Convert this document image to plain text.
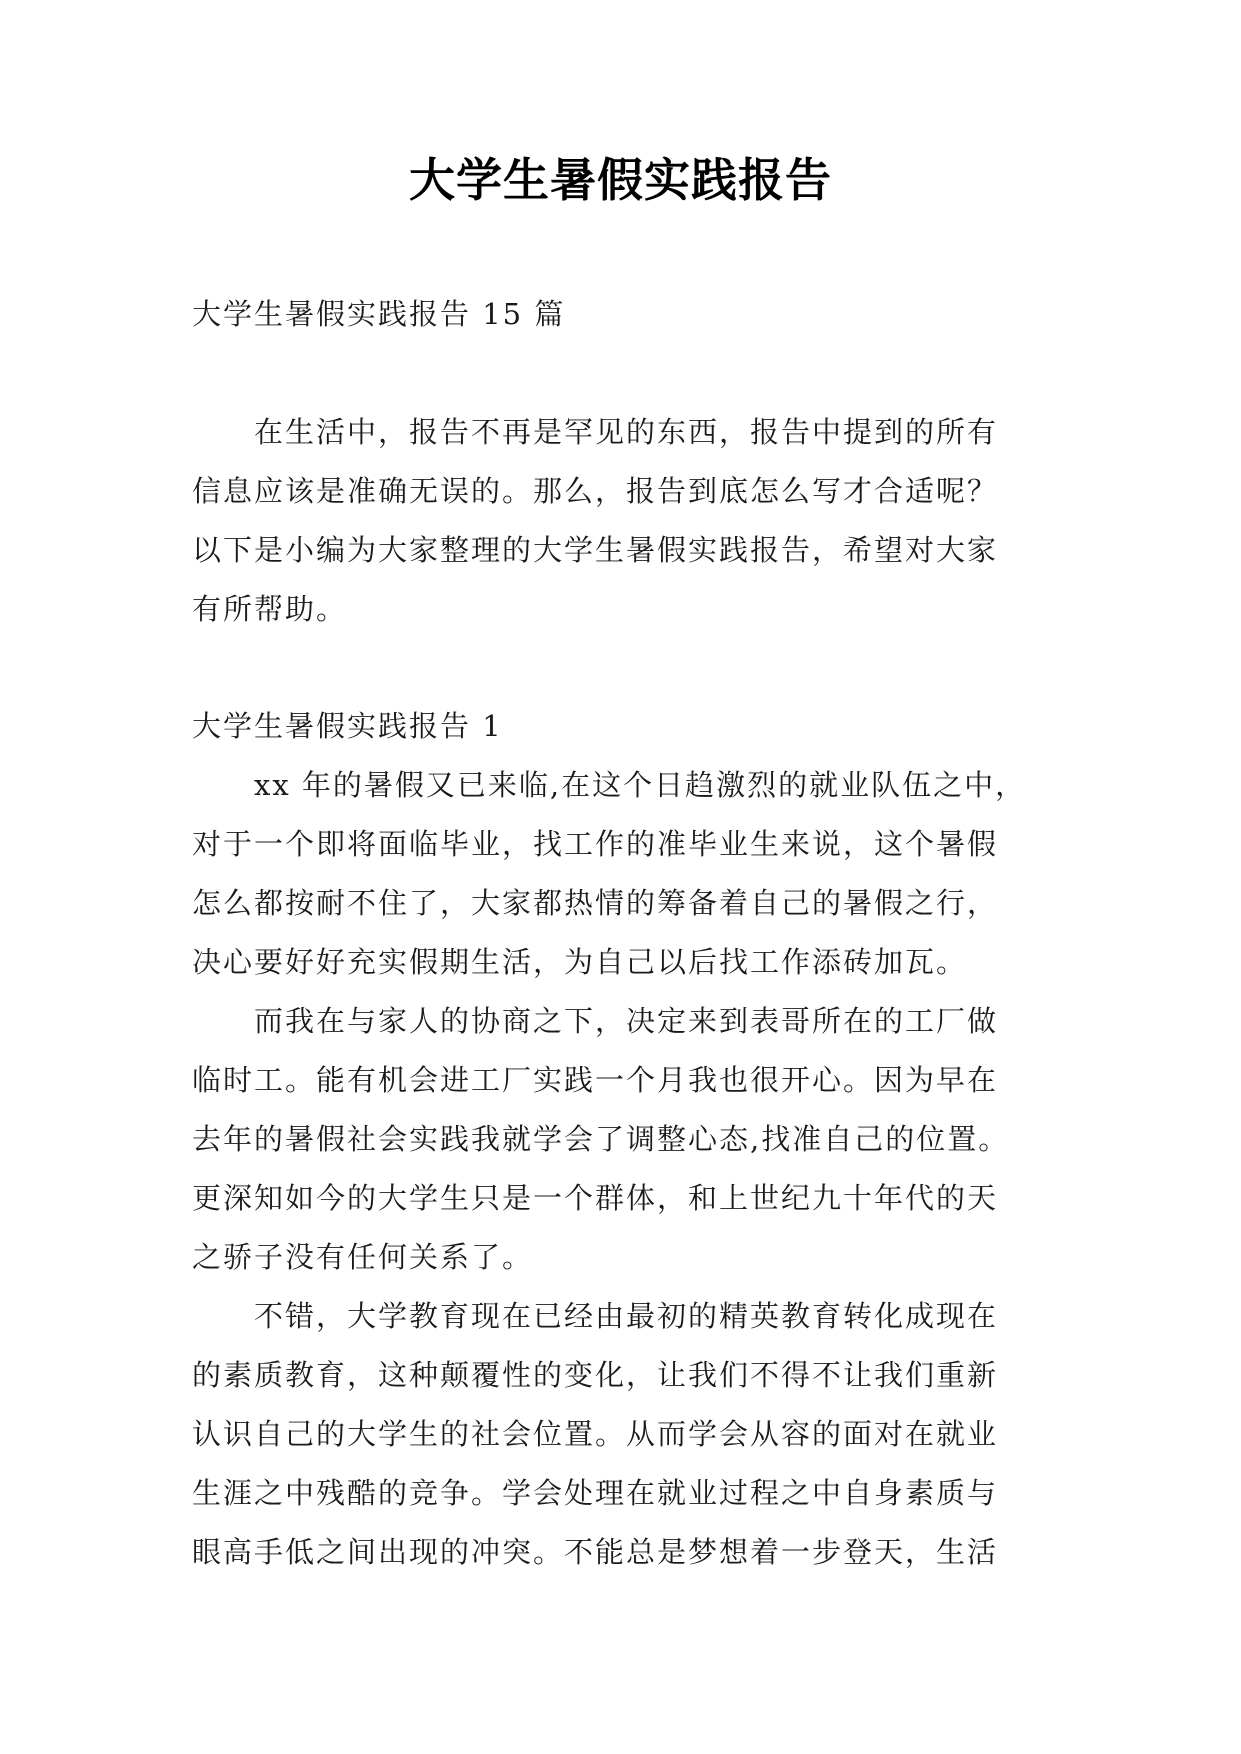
大学生暑假实践报告

大学生暑假实践报告 15 篇

　　在生活中，报告不再是罕见的东西，报告中提到的所有
信息应该是准确无误的。那么，报告到底怎么写才合适呢？
以下是小编为大家整理的大学生暑假实践报告，希望对大家
有所帮助。
大学生暑假实践报告 1
　　xx 年的暑假又已来临,在这个日趋激烈的就业队伍之中，
对于一个即将面临毕业，找工作的准毕业生来说，这个暑假
怎么都按耐不住了，大家都热情的筹备着自己的暑假之行，
决心要好好充实假期生活，为自己以后找工作添砖加瓦。
　　而我在与家人的协商之下，决定来到表哥所在的工厂做
临时工。能有机会进工厂实践一个月我也很开心。因为早在
去年的暑假社会实践我就学会了调整心态,找准自己的位置。
更深知如今的大学生只是一个群体，和上世纪九十年代的天
之骄子没有任何关系了。
　　不错，大学教育现在已经由最初的精英教育转化成现在
的素质教育，这种颠覆性的变化，让我们不得不让我们重新
认识自己的大学生的社会位置。从而学会从容的面对在就业
生涯之中残酷的竞争。学会处理在就业过程之中自身素质与
眼高手低之间出现的冲突。不能总是梦想着一步登天，生活
